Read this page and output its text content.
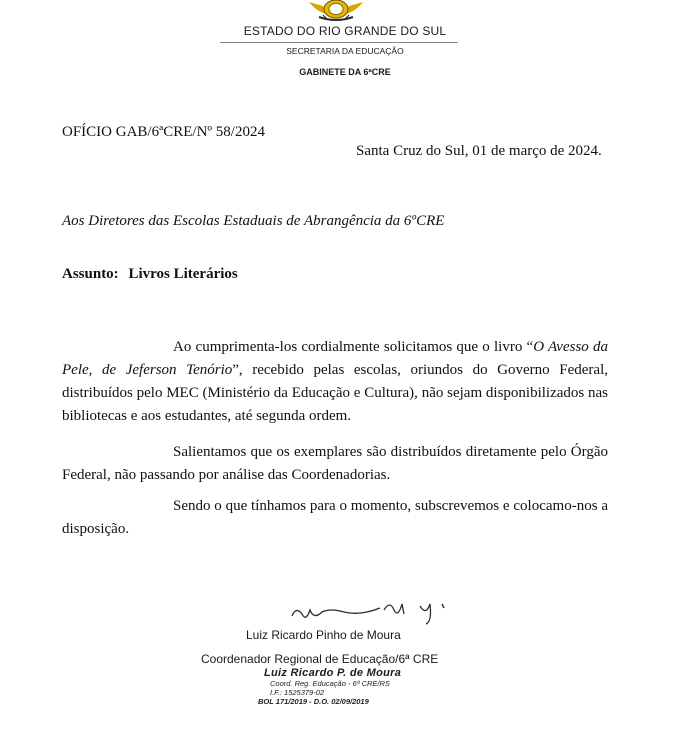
ESTADO DO RIO GRANDE DO SUL
SECRETARIA DA EDUCAÇÃO
GABINETE DA 6ªCRE
OFÍCIO GAB/6ªCRE/Nº 58/2024
Santa Cruz do Sul, 01 de março de 2024.
Aos Diretores das Escolas Estaduais de Abrangência da 6ºCRE
Assunto: Livros Literários

Ao cumprimenta-los cordialmente solicitamos que o livro “O Avesso da Pele, de Jeferson Tenório”, recebido pelas escolas, oriundos do Governo Federal, distribuídos pelo MEC (Ministério da Educação e Cultura), não sejam disponibilizados nas bibliotecas e aos estudantes, até segunda ordem.

Salientamos que os exemplares são distribuídos diretamente pelo Órgão Federal, não passando por análise das Coordenadorias.

Sendo o que tínhamos para o momento, subscrevemos e colocamo-nos a disposição.

Luiz Ricardo Pinho de Moura
Coordenador Regional de Educação/6ª CRE
Luiz Ricardo P. de Moura
Coord. Reg. Educação - 6ª CRE/RS
I.F.: 1525379-02
BOL 171/2019 - D.O. 02/09/2019
